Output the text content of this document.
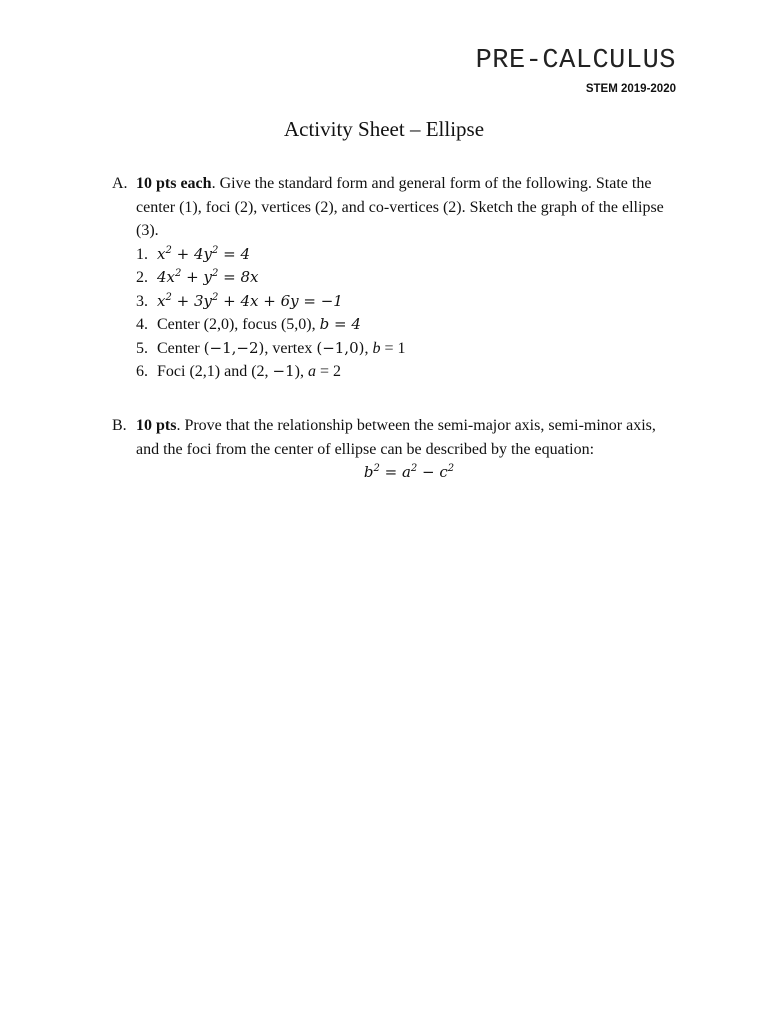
PRE-CALCULUS
STEM 2019-2020
Activity Sheet – Ellipse
A. 10 pts each. Give the standard form and general form of the following. State the center (1), foci (2), vertices (2), and co-vertices (2). Sketch the graph of the ellipse (3).
1. $x^2 + 4y^2 = 4$
2. $4x^2 + y^2 = 8x$
3. $x^2 + 3y^2 + 4x + 6y = -1$
4. Center (2,0), focus (5,0), b = 4
5. Center (−1,−2), vertex (−1,0), b = 1
6. Foci (2,1) and (2, −1), a = 2
B. 10 pts. Prove that the relationship between the semi-major axis, semi-minor axis, and the foci from the center of ellipse can be described by the equation:
$b^2 = a^2 - c^2$
